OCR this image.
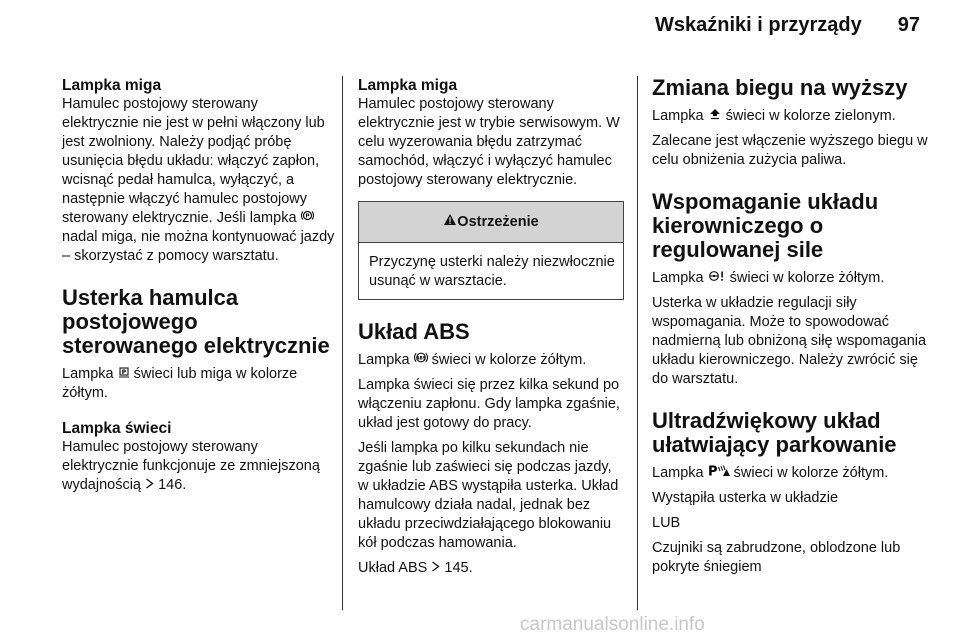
Wskaźniki i przyrządy 97
Lampka miga

Hamulec postojowy sterowany elektrycznie nie jest w pełni włączony lub jest zwolniony. Należy podjąć próbę usunięcia błędu układu: włączyć zapłon, wcisnąć pedał hamulca, wyłączyć, a następnie włączyć hamulec postojowy sterowany elektrycznie. Jeśli lampka P
nadal miga, nie można kontynuować jazdy – skorzystać z pomocy warsztatu.

Usterka hamulca postojowego sterowanego elektrycznie

Lampka P świeci lub miga w kolorze żółtym.

Lampka świeci

Hamulec postojowy sterowany elektrycznie funkcjonuje ze zmniejszoną wydajnością 146.

Lampka miga

Hamulec postojowy sterowany elektrycznie jest w trybie serwisowym. W celu wyzerowania błędu zatrzymać samochód, włączyć i wyłączyć hamulec postojowy sterowany elektrycznie.

Ostrzeżenie
Przyczynę usterki należy niezwłocznie usunąć w warsztacie.
Układ ABS

Lampka ABS świeci w kolorze żółtym.

Lampka świeci się przez kilka sekund po włączeniu zapłonu. Gdy lampka zgaśnie, układ jest gotowy do pracy.

Jeśli lampka po kilku sekundach nie zgaśnie lub zaświeci się podczas jazdy, w układzie ABS wystąpiła usterka. Układ hamulcowy działa nadal, jednak bez układu przeciwdziałającego blokowaniu kół podczas hamowania.

Układ ABS 145.

Zmiana biegu na wyższy

Lampka świeci w kolorze zielonym.

Zalecane jest włączenie wyższego biegu w celu obniżenia zużycia paliwa.

Wspomaganie układu kierowniczego o regulowanej sile

Lampka świeci w kolorze żółtym.

Usterka w układzie regulacji siły wspomagania. Może to spowodować nadmierną lub obniżoną siłę wspomagania układu kierowniczego. Należy zwrócić się do warsztatu.

Ultradźwiękowy układ ułatwiający parkowanie

Lampka P świeci w kolorze żółtym.

Wystąpiła usterka w układzie

LUB

Czujniki są zabrudzone, oblodzone lub pokryte śniegiem

carmanualsonline.info
